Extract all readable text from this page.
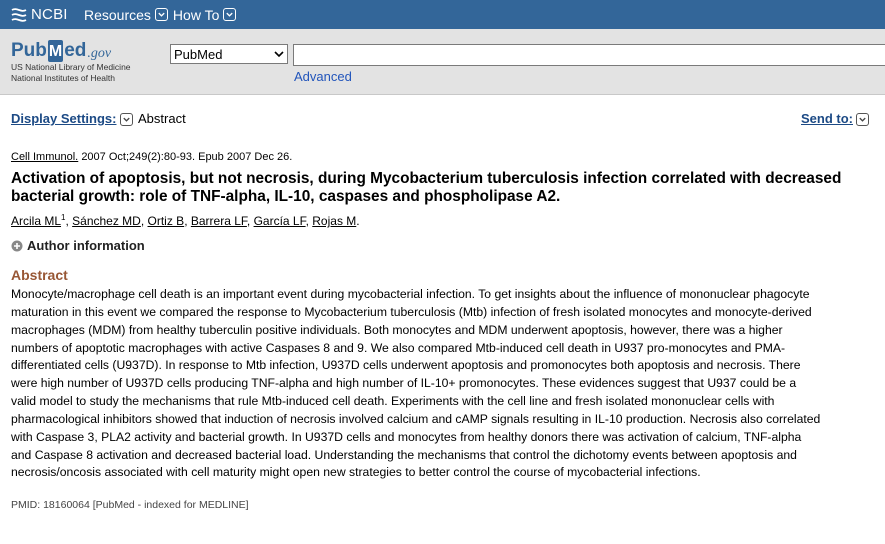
NCBI Resources How To
Pub M ed .gov
US National Library of Medicine
National Institutes of Health
PubMed
Advanced
Display Settings: Abstract	Send to:
Cell Immunol. 2007 Oct;249(2):80-93. Epub 2007 Dec 26.
Activation of apoptosis, but not necrosis, during Mycobacterium tuberculosis infection correlated with decreased bacterial growth: role of TNF-alpha, IL-10, caspases and phospholipase A2.
Arcila $ML^1$, Sánchez MD, Ortiz B, Barrera LF, García LF, Rojas M.
Author information
Abstract
Monocyte/macrophage cell death is an important event during mycobacterial infection. To get insights about the influence of mononuclear phagocyte
maturation in this event we compared the response to Mycobacterium tuberculosis (Mtb) infection of fresh isolated monocytes and monocyte-derived
macrophages (MDM) from healthy tuberculin positive individuals. Both monocytes and MDM underwent apoptosis, however, there was a higher
numbers of apoptotic macrophages with active Caspases 8 and 9. We also compared Mtb-induced cell death in U937 pro-monocytes and PMA-
differentiated cells (U937D). In response to Mtb infection, U937D cells underwent apoptosis and promonocytes both apoptosis and necrosis. There
were high number of U937D cells producing TNF-alpha and high number of IL-10+ promonocytes. These evidences suggest that U937 could be a
valid model to study the mechanisms that rule Mtb-induced cell death. Experiments with the cell line and fresh isolated mononuclear cells with
pharmacological inhibitors showed that induction of necrosis involved calcium and cAMP signals resulting in IL-10 production. Necrosis also correlated
with Caspase 3, PLA2 activity and bacterial growth. In U937D cells and monocytes from healthy donors there was activation of calcium, TNF-alpha
and Caspase 8 activation and decreased bacterial load. Understanding the mechanisms that control the dichotomy events between apoptosis and
necrosis/oncosis associated with cell maturity might open new strategies to better control the course of mycobacterial infections.
PMID: 18160064 [PubMed - indexed for MEDLINE]
